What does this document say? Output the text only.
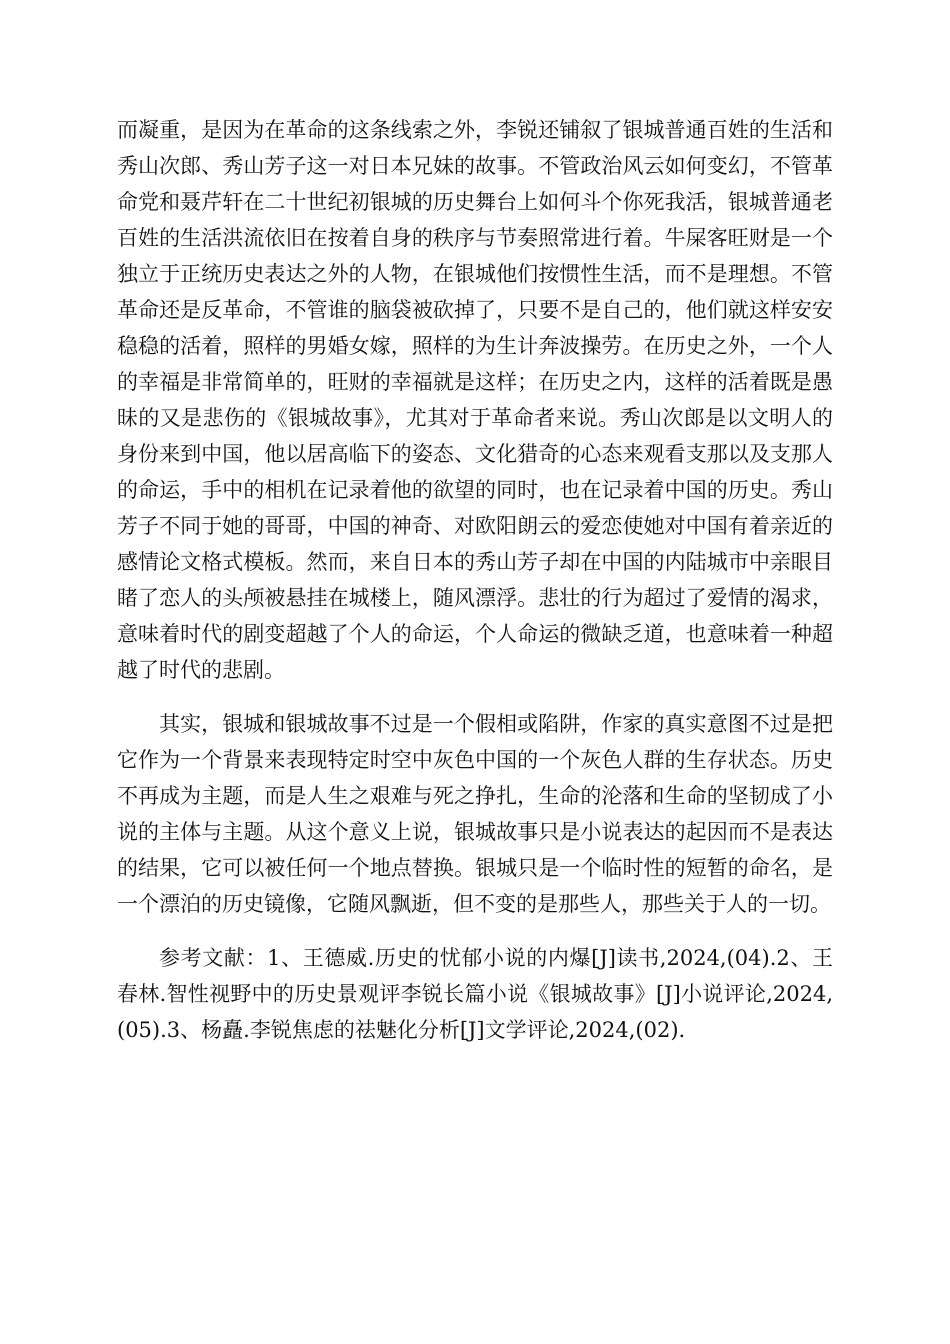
而凝重，是因为在革命的这条线索之外，李锐还铺叙了银城普通百姓的生活和秀山次郎、秀山芳子这一对日本兄妹的故事。不管政治风云如何变幻，不管革命党和聂芹轩在二十世纪初银城的历史舞台上如何斗个你死我活，银城普通老百姓的生活洪流依旧在按着自身的秩序与节奏照常进行着。牛屎客旺财是一个独立于正统历史表达之外的人物，在银城他们按惯性生活，而不是理想。不管革命还是反革命，不管谁的脑袋被砍掉了，只要不是自己的，他们就这样安安稳稳的活着，照样的男婚女嫁，照样的为生计奔波操劳。在历史之外，一个人的幸福是非常简单的，旺财的幸福就是这样；在历史之内，这样的活着既是愚昧的又是悲伤的《银城故事》，尤其对于革命者来说。秀山次郎是以文明人的身份来到中国，他以居高临下的姿态、文化猎奇的心态来观看支那以及支那人的命运，手中的相机在记录着他的欲望的同时，也在记录着中国的历史。秀山芳子不同于她的哥哥，中国的神奇、对欧阳朗云的爱恋使她对中国有着亲近的感情论文格式模板。然而，来自日本的秀山芳子却在中国的内陆城市中亲眼目睹了恋人的头颅被悬挂在城楼上，随风漂浮。悲壮的行为超过了爱情的渴求，意味着时代的剧变超越了个人的命运，个人命运的微缺乏道，也意味着一种超越了时代的悲剧。

其实，银城和银城故事不过是一个假相或陷阱，作家的真实意图不过是把它作为一个背景来表现特定时空中灰色中国的一个灰色人群的生存状态。历史不再成为主题，而是人生之艰难与死之挣扎，生命的沦落和生命的坚韧成了小说的主体与主题。从这个意义上说，银城故事只是小说表达的起因而不是表达的结果，它可以被任何一个地点替换。银城只是一个临时性的短暂的命名，是一个漂泊的历史镜像，它随风飘逝，但不变的是那些人，那些关于人的一切。

参考文献：1、王德威.历史的忧郁小说的内爆[J]读书,2024,(04).2、王春林.智性视野中的历史景观评李锐长篇小说《银城故事》[J]小说评论,2024,(05).3、杨矗.李锐焦虑的祛魅化分析[J]文学评论,2024,(02).
